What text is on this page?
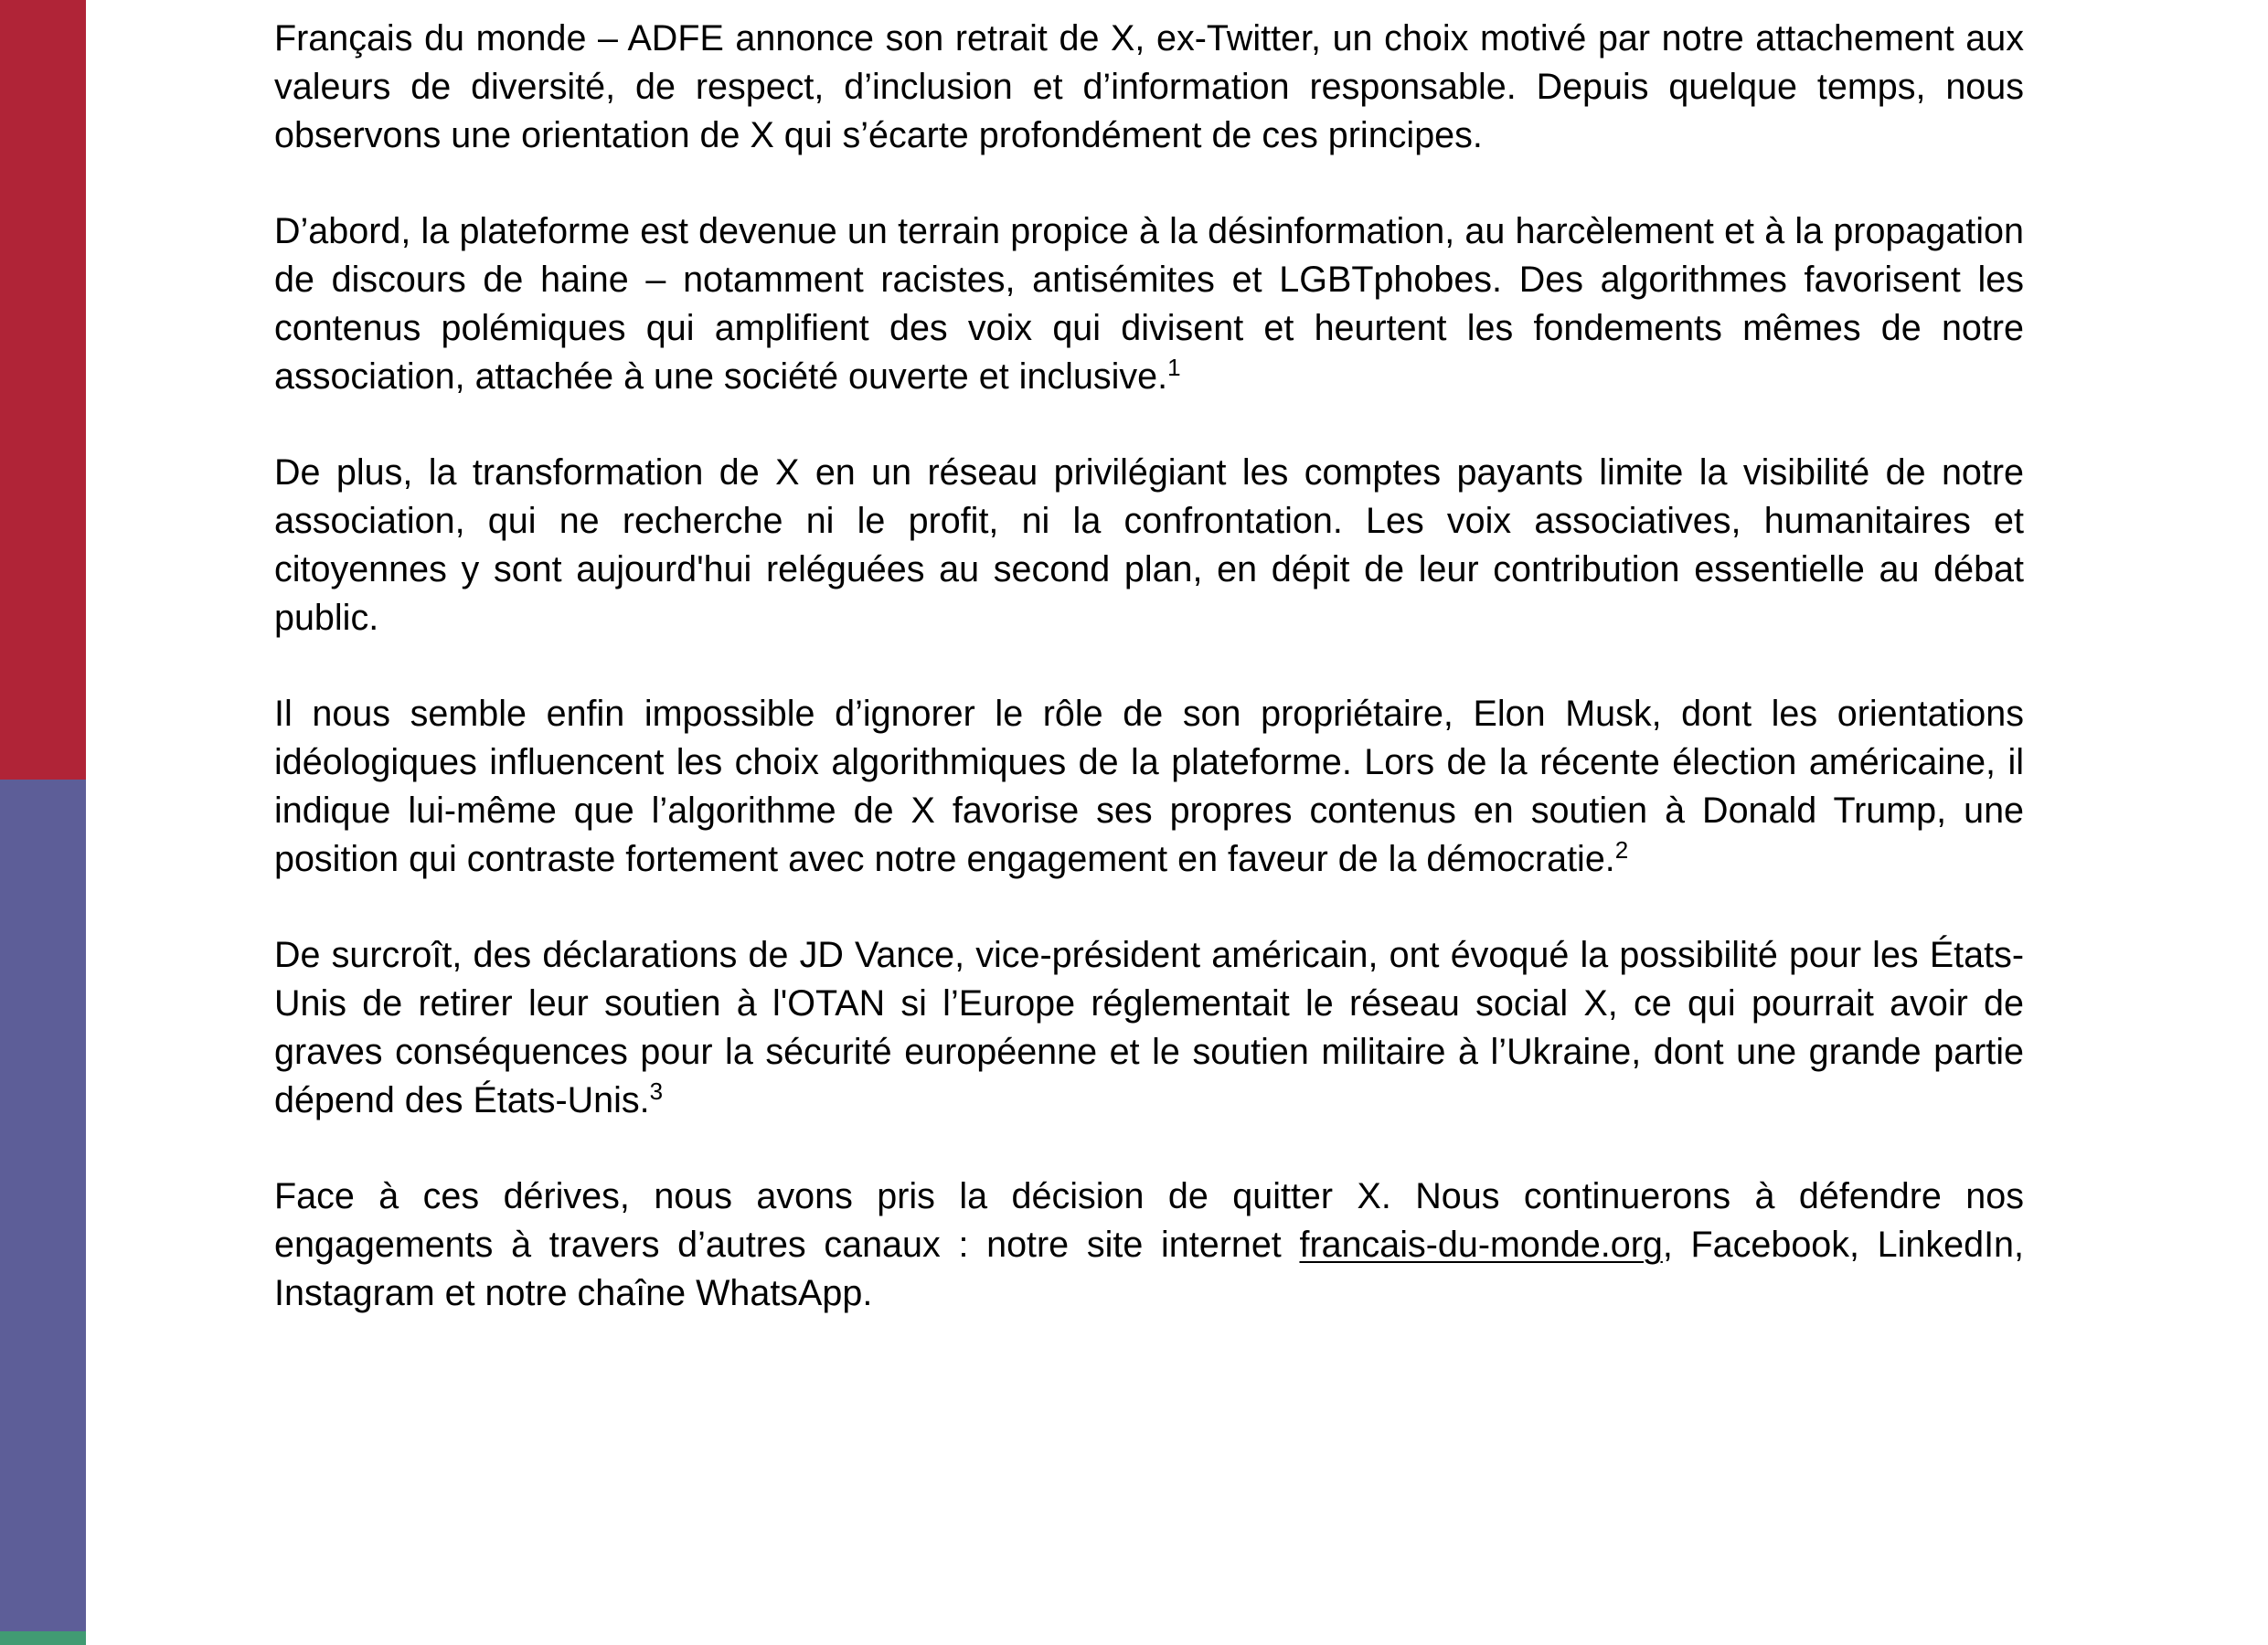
Français du monde – ADFE annonce son retrait de X, ex-Twitter, un choix motivé par notre attachement aux valeurs de diversité, de respect, d’inclusion et d’information responsable. Depuis quelque temps, nous observons une orientation de X qui s’écarte profondément de ces principes.

D’abord, la plateforme est devenue un terrain propice à la désinformation, au harcèlement et à la propagation de discours de haine – notamment racistes, antisémites et LGBTphobes. Des algorithmes favorisent les contenus polémiques qui amplifient des voix qui divisent et heurtent les fondements mêmes de notre association, attachée à une société ouverte et inclusive.$^1$

De plus, la transformation de X en un réseau privilégiant les comptes payants limite la visibilité de notre association, qui ne recherche ni le profit, ni la confrontation. Les voix associatives, humanitaires et citoyennes y sont aujourd'hui reléguées au second plan, en dépit de leur contribution essentielle au débat public.

Il nous semble enfin impossible d’ignorer le rôle de son propriétaire, Elon Musk, dont les orientations idéologiques influencent les choix algorithmiques de la plateforme. Lors de la récente élection américaine, il indique lui-même que l’algorithme de X favorise ses propres contenus en soutien à Donald Trump, une position qui contraste fortement avec notre engagement en faveur de la démocratie.$^2$

De surcroît, des déclarations de JD Vance, vice-président américain, ont évoqué la possibilité pour les États-Unis de retirer leur soutien à l'OTAN si l’Europe réglementait le réseau social X, ce qui pourrait avoir de graves conséquences pour la sécurité européenne et le soutien militaire à l’Ukraine, dont une grande partie dépend des États-Unis.$^3$

Face à ces dérives, nous avons pris la décision de quitter X. Nous continuerons à défendre nos engagements à travers d’autres canaux : notre site internet francais-du-monde.org, Facebook, LinkedIn, Instagram et notre chaîne WhatsApp.
